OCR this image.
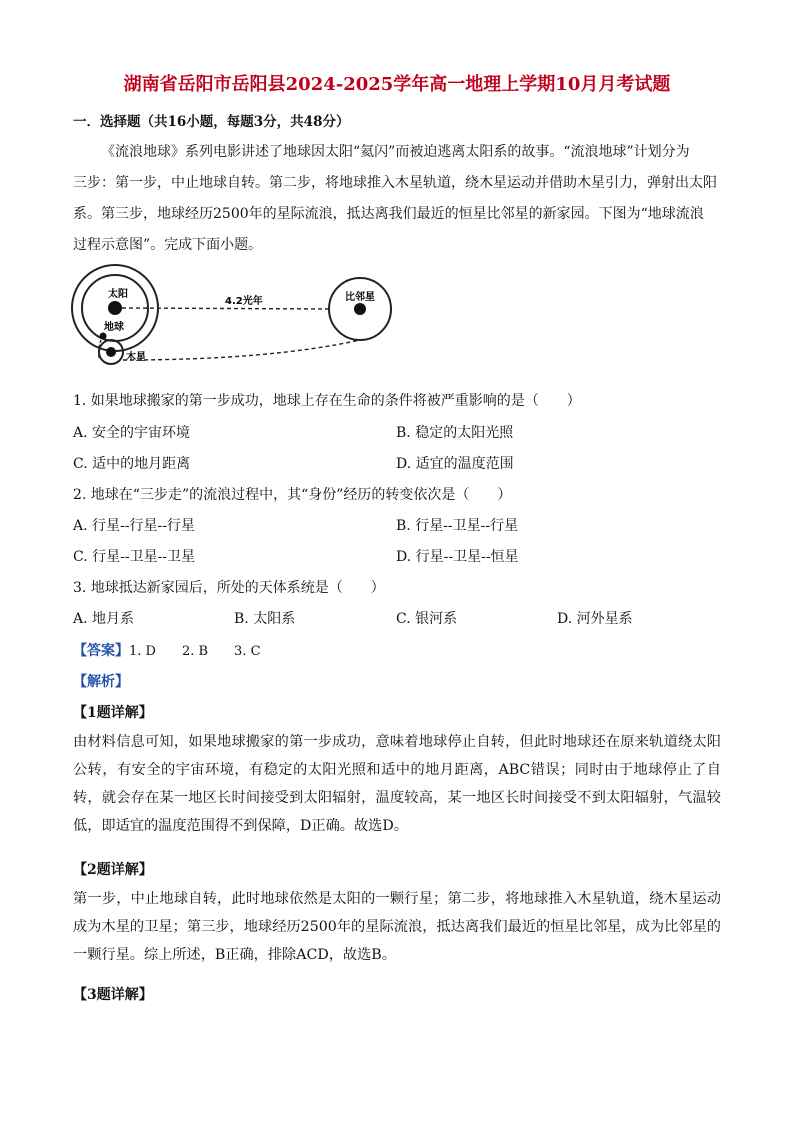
湖南省岳阳市岳阳县2024-2025学年高一地理上学期10月月考试题
一．选择题（共16小题，每题3分，共48分）
《流浪地球》系列电影讲述了地球因太阳“氦闪”而被迫逃离太阳系的故事。“流浪地球”计划分为
三步：第一步，中止地球自转。第二步，将地球推入木星轨道，绕木星运动并借助木星引力，弹射出太阳
系。第三步，地球经历2500年的星际流浪，抵达离我们最近的恒星比邻星的新家园。下图为“地球流浪
过程示意图”。完成下面小题。
太阳
地球
木星
比邻星
4.2光年
1. 如果地球搬家的第一步成功，地球上存在生命的条件将被严重影响的是（　　）
A. 安全的宇宙环境	B. 稳定的太阳光照
C. 适中的地月距离	D. 适宜的温度范围
2. 地球在“三步走”的流浪过程中，其“身份”经历的转变依次是（　　）
A. 行星--行星--行星	B. 行星--卫星--行星
C. 行星--卫星--卫星	D. 行星--卫星--恒星
3. 地球抵达新家园后，所处的天体系统是（　　）
A. 地月系	B. 太阳系	C. 银河系	D. 河外星系
【答案】1. D　　2. B　　3. C
【解析】
【1题详解】
由材料信息可知，如果地球搬家的第一步成功，意味着地球停止自转，但此时地球还在原来轨道绕太阳公转，有安全的宇宙环境，有稳定的太阳光照和适中的地月距离，ABC错误；同时由于地球停止了自转，就会存在某一地区长时间接受到太阳辐射，温度较高，某一地区长时间接受不到太阳辐射，气温较低，即适宜的温度范围得不到保障，D正确。故选D。
【2题详解】
第一步，中止地球自转，此时地球依然是太阳的一颗行星；第二步，将地球推入木星轨道，绕木星运动成为木星的卫星；第三步，地球经历2500年的星际流浪，抵达离我们最近的恒星比邻星，成为比邻星的一颗行星。综上所述，B正确，排除ACD，故选B。
【3题详解】
